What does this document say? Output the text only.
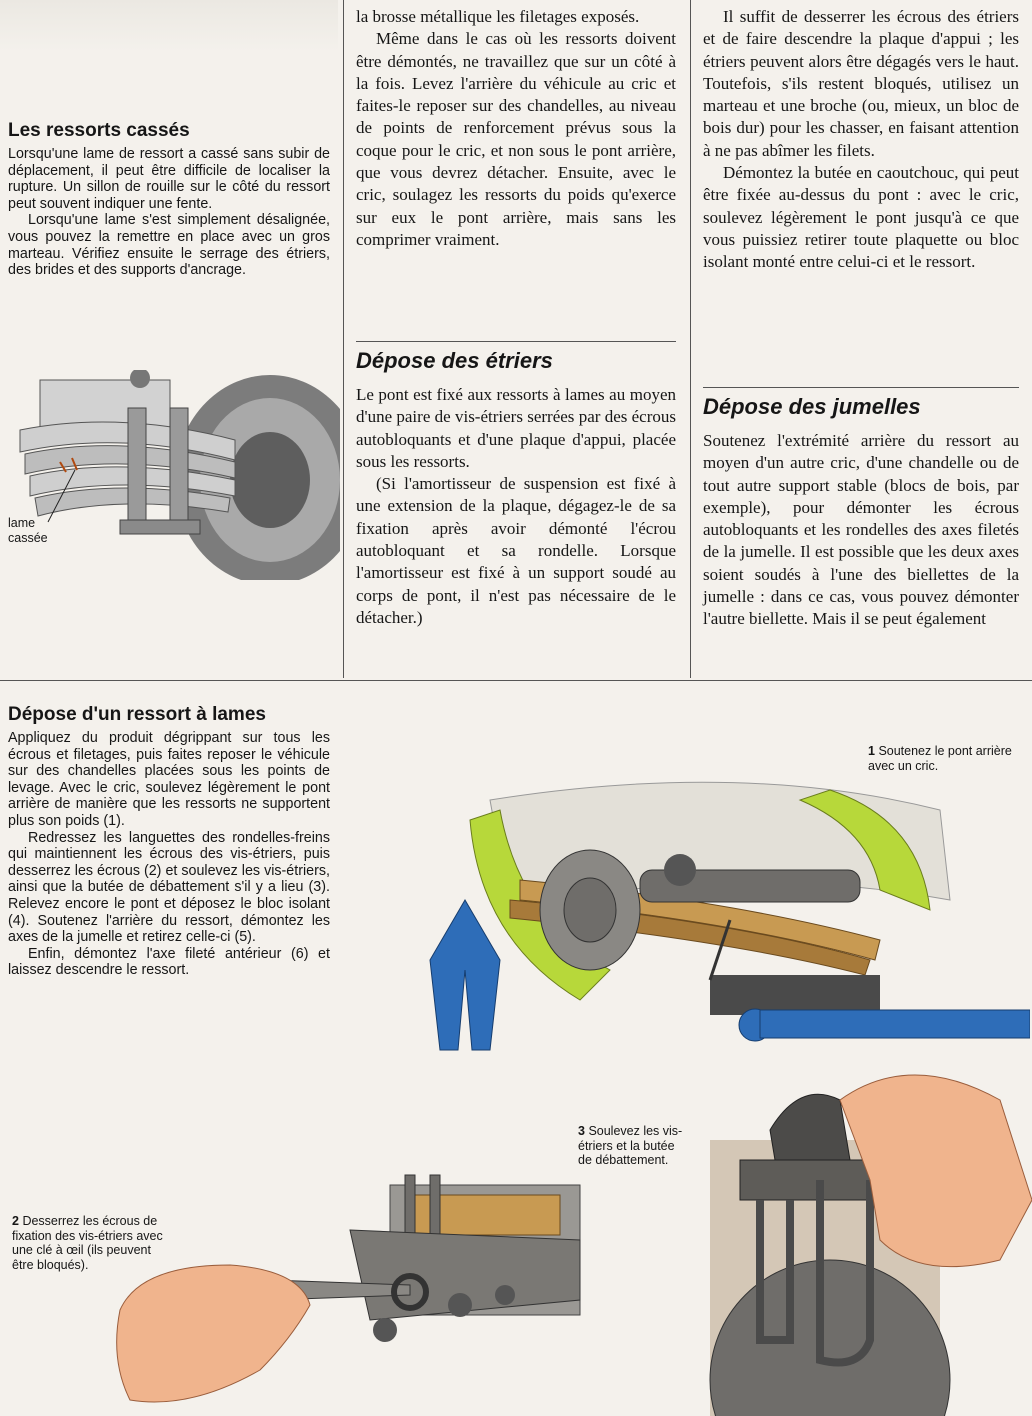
Les ressorts cassés

Lorsqu'une lame de ressort a cassé sans subir de déplacement, il peut être difficile de localiser la rupture. Un sillon de rouille sur le côté du ressort peut souvent indiquer une fente.

Lorsqu'une lame s'est simplement désalignée, vous pouvez la remettre en place avec un gros marteau. Vérifiez ensuite le serrage des étriers, des brides et des supports d'ancrage.

lame cassée

la brosse métallique les filetages exposés.

Même dans le cas où les ressorts doivent être démontés, ne travaillez que sur un côté à la fois. Levez l'arrière du véhicule au cric et faites-le reposer sur des chandelles, au niveau de points de renforcement prévus sous la coque pour le cric, et non sous le pont arrière, que vous devrez détacher. Ensuite, avec le cric, soulagez les ressorts du poids qu'exerce sur eux le pont arrière, mais sans les comprimer vraiment.

Dépose des étriers

Le pont est fixé aux ressorts à lames au moyen d'une paire de vis-étriers serrées par des écrous autobloquants et d'une plaque d'appui, placée sous les ressorts.

(Si l'amortisseur de suspension est fixé à une extension de la plaque, dégagez-le de sa fixation après avoir démonté l'écrou autobloquant et sa rondelle. Lorsque l'amortisseur est fixé à un support soudé au corps de pont, il n'est pas nécessaire de le détacher.)

Il suffit de desserrer les écrous des étriers et de faire descendre la plaque d'appui ; les étriers peuvent alors être dégagés vers le haut. Toutefois, s'ils restent bloqués, utilisez un marteau et une broche (ou, mieux, un bloc de bois dur) pour les chasser, en faisant attention à ne pas abîmer les filets.

Démontez la butée en caoutchouc, qui peut être fixée au-dessus du pont : avec le cric, soulevez légèrement le pont jusqu'à ce que vous puissiez retirer toute plaquette ou bloc isolant monté entre celui-ci et le ressort.

Dépose des jumelles

Soutenez l'extrémité arrière du ressort au moyen d'un autre cric, d'une chandelle ou de tout autre support stable (blocs de bois, par exemple), pour démonter les écrous autobloquants et les rondelles des axes filetés de la jumelle. Il est possible que les deux axes soient soudés à l'une des biellettes de la jumelle : dans ce cas, vous pouvez démonter l'autre biellette. Mais il se peut également

Dépose d'un ressort à lames

Appliquez du produit dégrippant sur tous les écrous et filetages, puis faites reposer le véhicule sur des chandelles placées sous les points de levage. Avec le cric, soulevez légèrement le pont arrière de manière que les ressorts ne supportent plus son poids (1).

Redressez les languettes des rondelles-freins qui maintiennent les écrous des vis-étriers, puis desserrez les écrous (2) et soulevez les vis-étriers, ainsi que la butée de débattement s'il y a lieu (3). Relevez encore le pont et déposez le bloc isolant (4). Soutenez l'arrière du ressort, démontez les axes de la jumelle et retirez celle-ci (5).

Enfin, démontez l'axe fileté antérieur (6) et laissez descendre le ressort.

1 Soutenez le pont arrière avec un cric.
2 Desserrez les écrous de fixation des vis-étriers avec une clé à œil (ils peuvent être bloqués).
3 Soulevez les vis-étriers et la butée de débattement.
